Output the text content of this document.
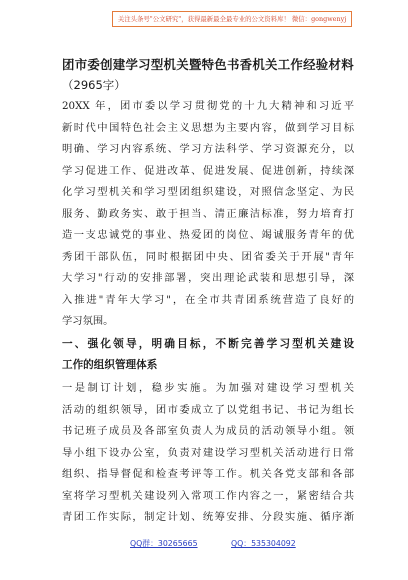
关注头条号"公文研究"，获得最新最全最专业的公文资料库！ 微信：gongwenyj
团市委创建学习型机关暨特色书香机关工作经验材料
（2965字）
20XX 年，团市委以学习贯彻党的十九大精神和习近平
新时代中国特色社会主义思想为主要内容，做到学习目标
明确、学习内容系统、学习方法科学、学习资源充分，以
学习促进工作、促进改革、促进发展、促进创新，持续深
化学习型机关和学习型团组织建设，对照信念坚定、为民
服务、勤政务实、敢于担当、清正廉洁标准，努力培育打
造一支忠诚党的事业、热爱团的岗位、竭诚服务青年的优
秀团干部队伍，同时根据团中央、团省委关于开展"青年
大学习"行动的安排部署，突出理论武装和思想引导，深
入推进"青年大学习"，在全市共青团系统营造了良好的
学习氛围。
一、强化领导，明确目标，不断完善学习型机关建设
工作的组织管理体系
一是制订计划，稳步实施。为加强对建设学习型机关
活动的组织领导，团市委成立了以党组书记、书记为组长
书记班子成员及各部室负责人为成员的活动领导小组。领
导小组下设办公室，负责对建设学习型机关活动进行日常
组织、指导督促和检查考评等工作。机关各党支部和各部
室将学习型机关建设列入常项工作内容之一，紧密结合共
青团工作实际，制定计划、统筹安排、分段实施、循序渐
QQ群：30265665	QQ：535304092
